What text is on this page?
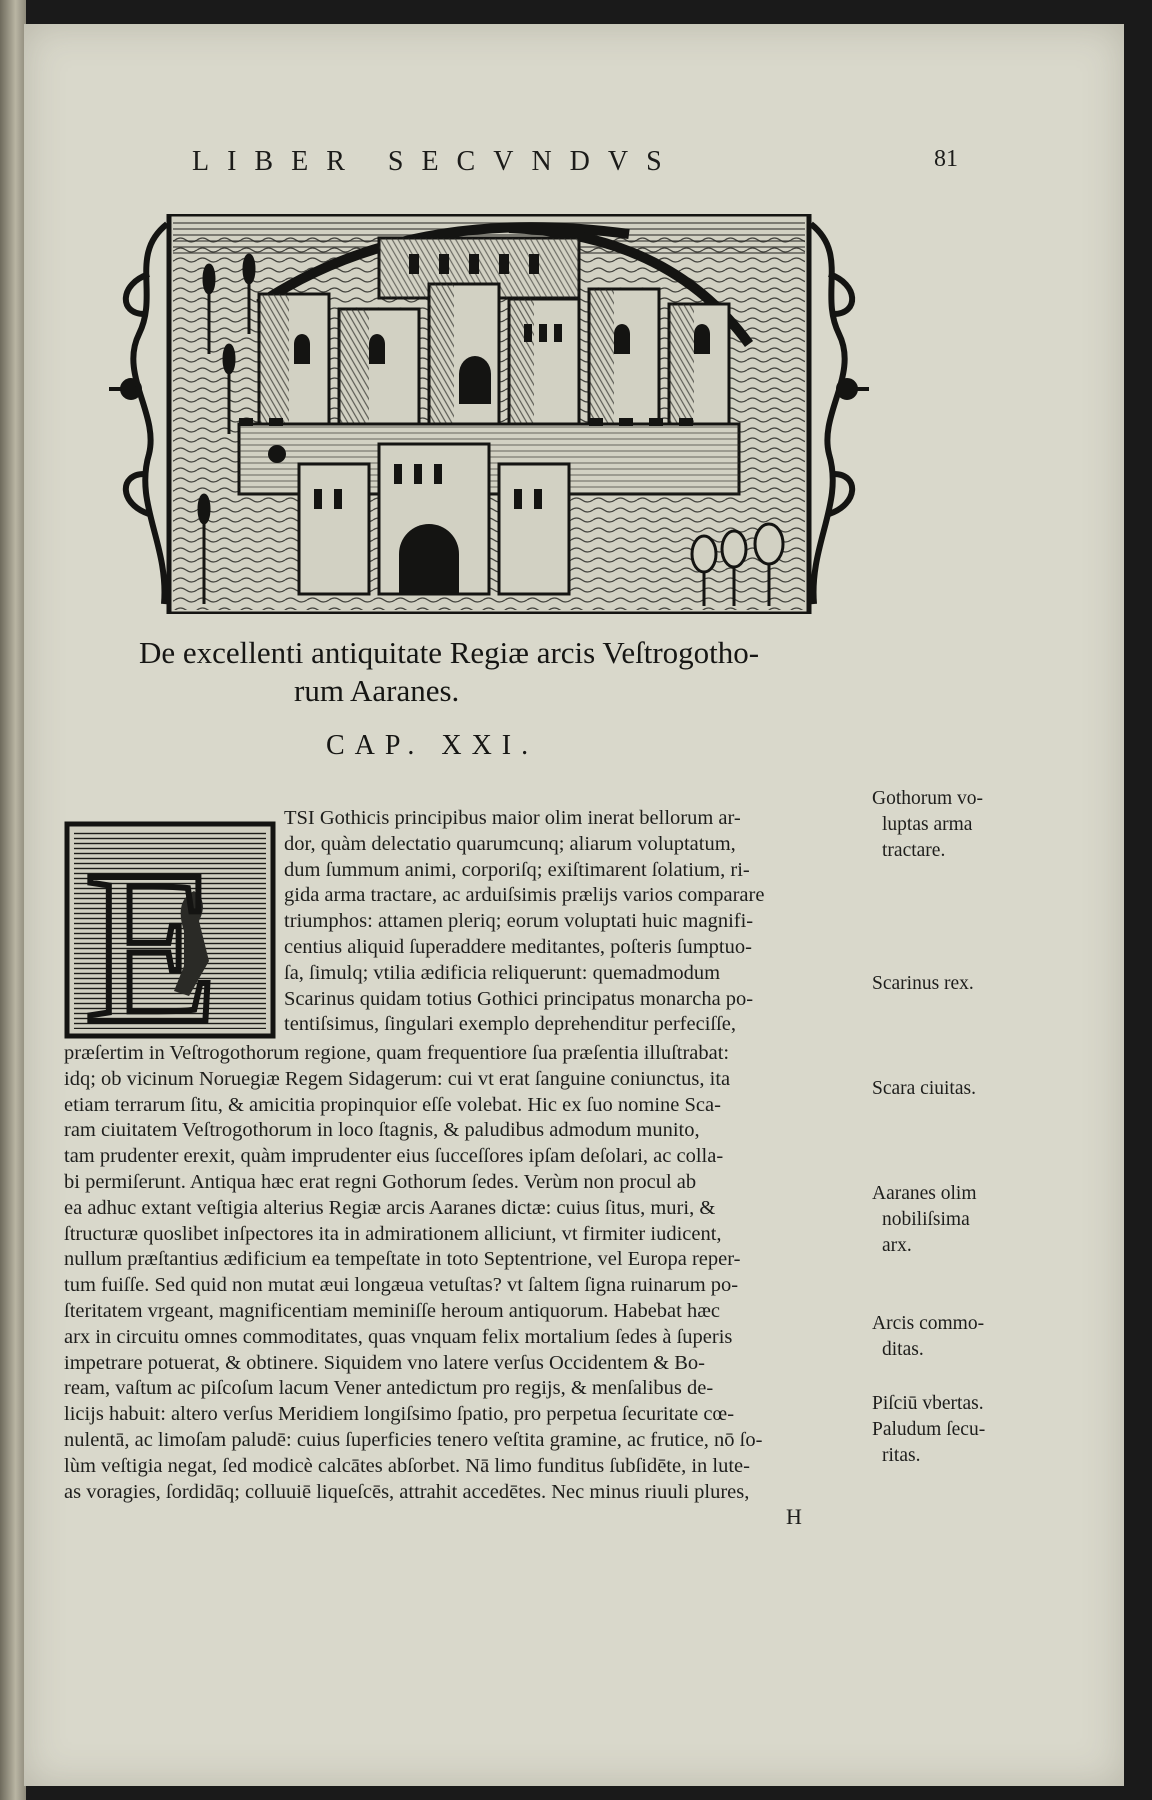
LIBER SECVNDVS	81
De excellenti antiquitate Regiæ arcis Veſtrogotho-
rum Aaranes.
CAP. XXI.
E
TSI Gothicis principibus maior olim inerat bellorum ar-
dor, quàm delectatio quarumcunq; aliarum voluptatum,
dum ſummum animi, corporiſq; exiſtimarent ſolatium, ri-
gida arma tractare, ac arduiſsimis prælijs varios comparare
triumphos: attamen pleriq; eorum voluptati huic magnifi-
centius aliquid ſuperaddere meditantes, poſteris ſumptuo-
ſa, ſimulq; vtilia ædificia reliquerunt: quemadmodum
Scarinus quidam totius Gothici principatus monarcha po-
tentiſsimus, ſingulari exemplo deprehenditur perfeciſſe,
præſertim in Veſtrogothorum regione, quam frequentiore ſua præſentia illuſtrabat:
idq; ob vicinum Noruegiæ Regem Sidagerum: cui vt erat ſanguine coniunctus, ita
etiam terrarum ſitu, & amicitia propinquior eſſe volebat. Hic ex ſuo nomine Sca-
ram ciuitatem Veſtrogothorum in loco ſtagnis, & paludibus admodum munito,
tam prudenter erexit, quàm imprudenter eius ſucceſſores ipſam deſolari, ac colla-
bi permiſerunt. Antiqua hæc erat regni Gothorum ſedes. Verùm non procul ab
ea adhuc extant veſtigia alterius Regiæ arcis Aaranes dictæ: cuius ſitus, muri, &
ſtructuræ quoslibet inſpectores ita in admirationem alliciunt, vt firmiter iudicent,
nullum præſtantius ædificium ea tempeſtate in toto Septentrione, vel Europa reper-
tum fuiſſe. Sed quid non mutat æui longæua vetuſtas? vt ſaltem ſigna ruinarum po-
ſteritatem vrgeant, magnificentiam meminiſſe heroum antiquorum. Habebat hæc
arx in circuitu omnes commoditates, quas vnquam felix mortalium ſedes à ſuperis
impetrare potuerat, & obtinere. Siquidem vno latere verſus Occidentem & Bo-
ream, vaſtum ac piſcoſum lacum Vener antedictum pro regijs, & menſalibus de-
licijs habuit: altero verſus Meridiem longiſsimo ſpatio, pro perpetua ſecuritate cœ-
nulentā, ac limoſam paludē: cuius ſuperficies tenero veſtita gramine, ac frutice, nō ſo-
lùm veſtigia negat, ſed modicè calcātes abſorbet. Nā limo funditus ſubſidēte, in lute-
as voragies, ſordidāq; colluuiē liqueſcēs, attrahit accedētes. Nec minus riuuli plures,
Gothorum vo-
luptas arma
tractare.
Scarinus rex.
Scara ciuitas.
Aaranes olim
nobiliſsima
arx.
Arcis commo-
ditas.
Piſciū vbertas.
Paludum ſecu-
ritas.
H
